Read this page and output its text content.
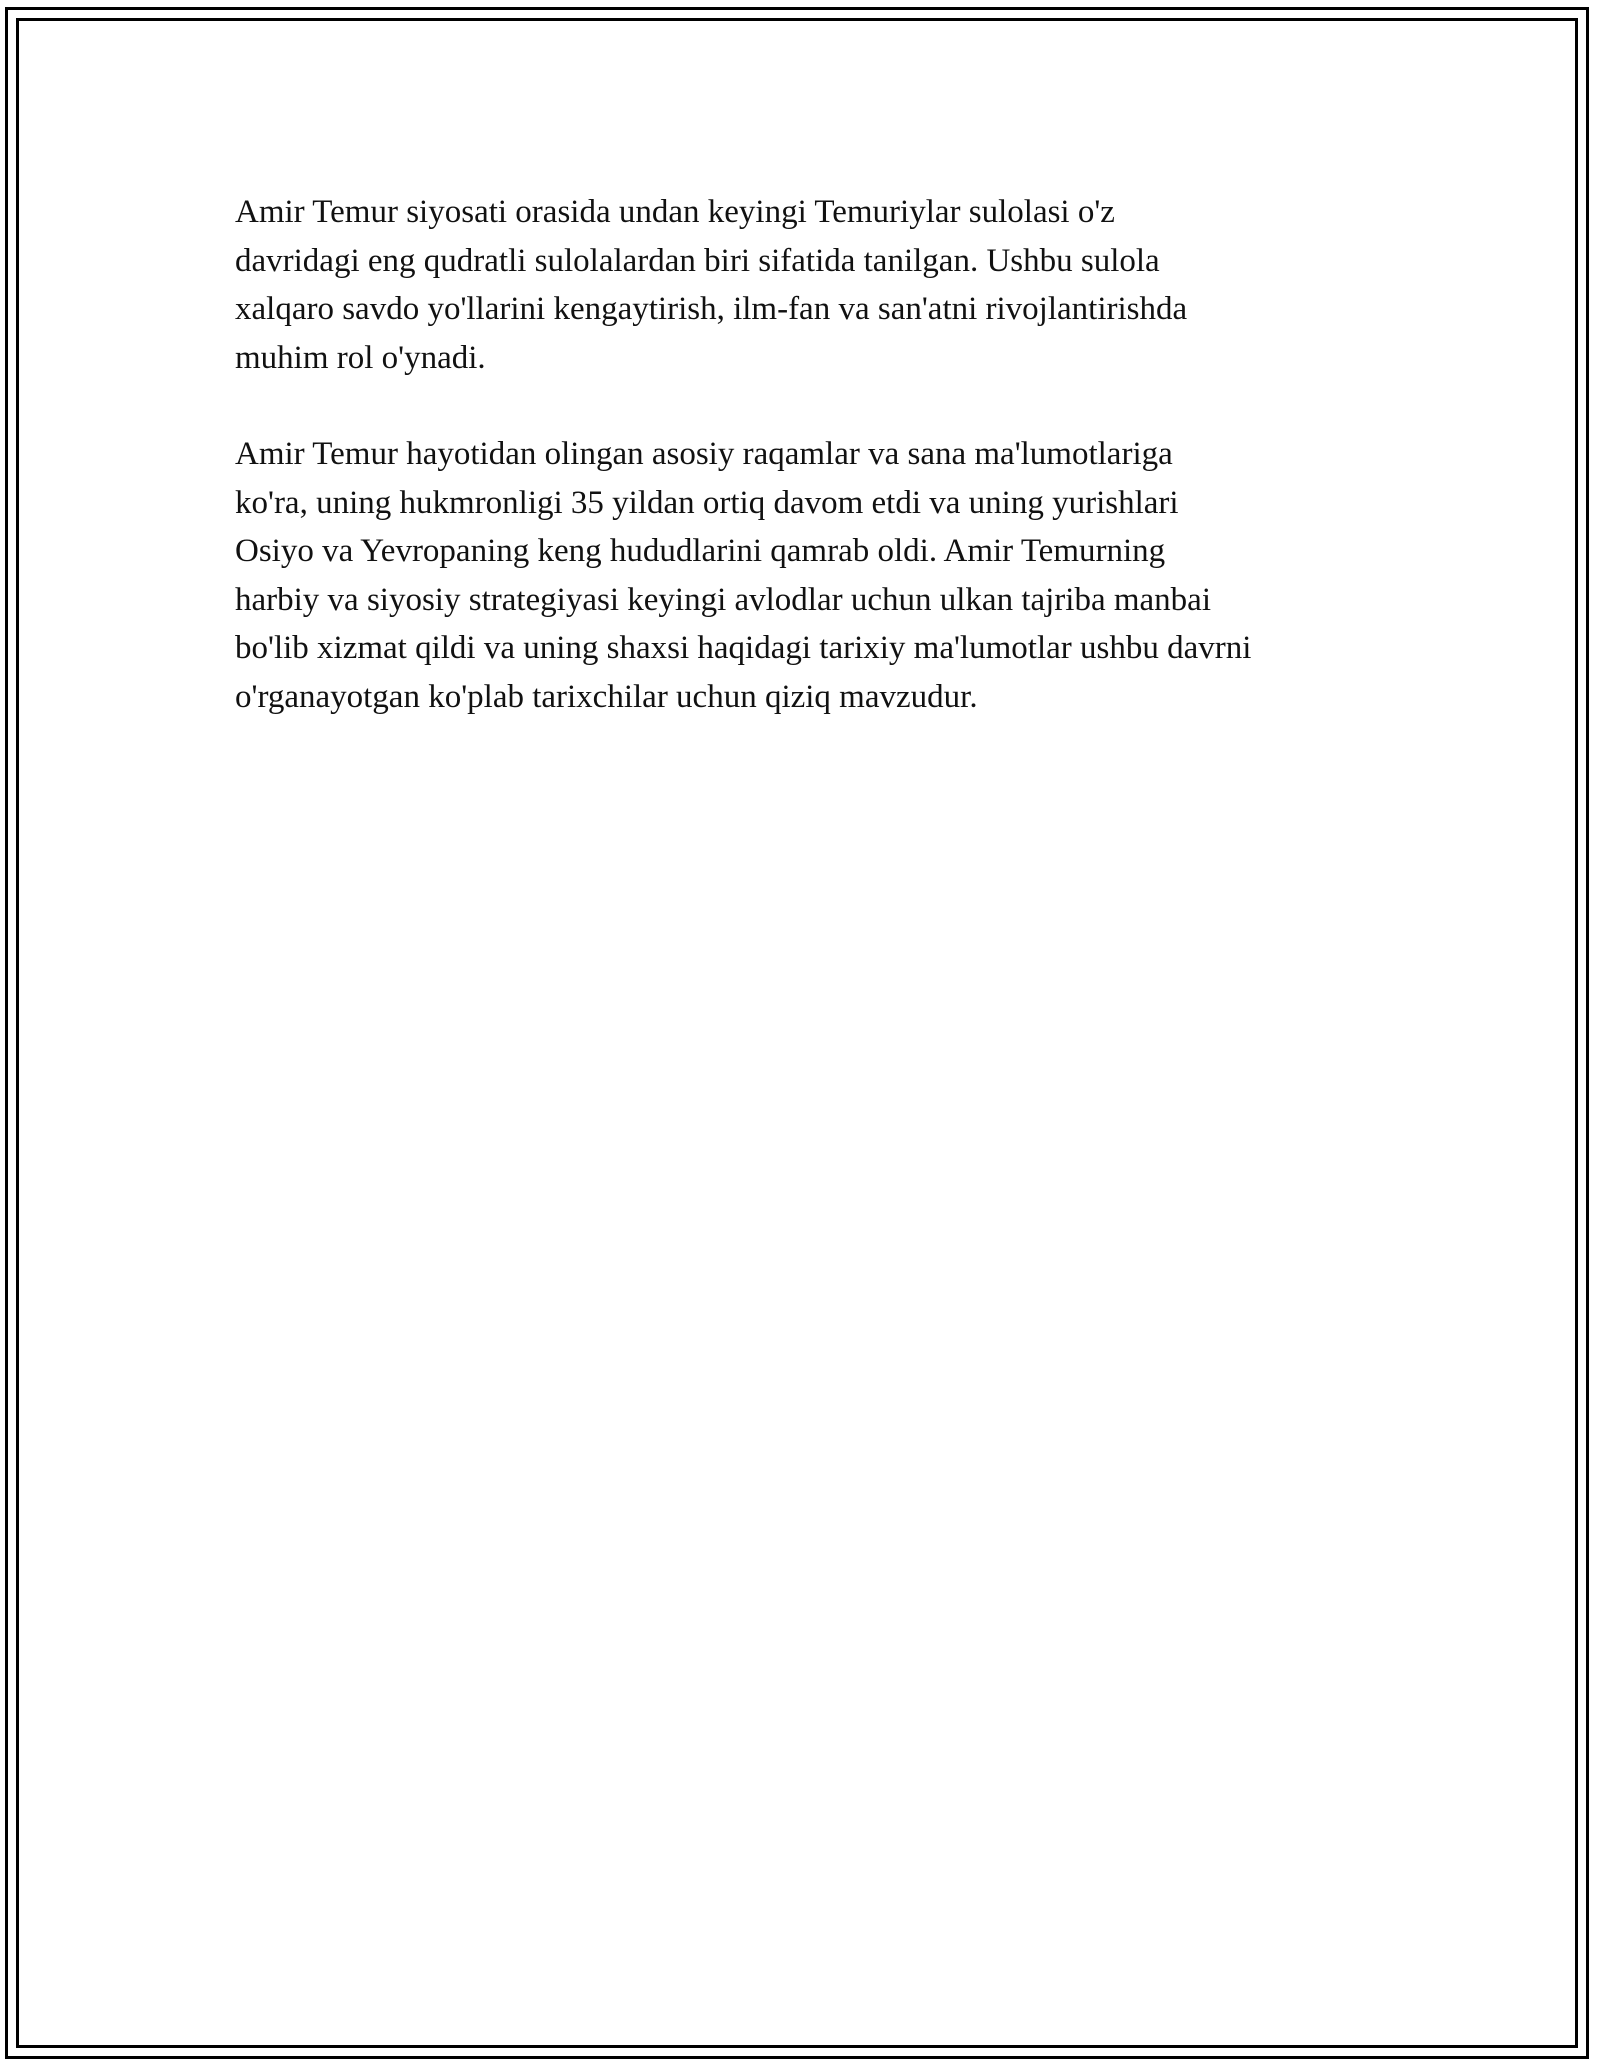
Amir Temur siyosati orasida undan keyingi Temuriylar sulolasi o'z
davridagi eng qudratli sulolalardan biri sifatida tanilgan. Ushbu sulola
xalqaro savdo yo'llarini kengaytirish, ilm-fan va san'atni rivojlantirishda
muhim rol o'ynadi.
Amir Temur hayotidan olingan asosiy raqamlar va sana ma'lumotlariga
ko'ra, uning hukmronligi 35 yildan ortiq davom etdi va uning yurishlari
Osiyo va Yevropaning keng hududlarini qamrab oldi. Amir Temurning
harbiy va siyosiy strategiyasi keyingi avlodlar uchun ulkan tajriba manbai
bo'lib xizmat qildi va uning shaxsi haqidagi tarixiy ma'lumotlar ushbu davrni
o'rganayotgan ko'plab tarixchilar uchun qiziq mavzudur.
